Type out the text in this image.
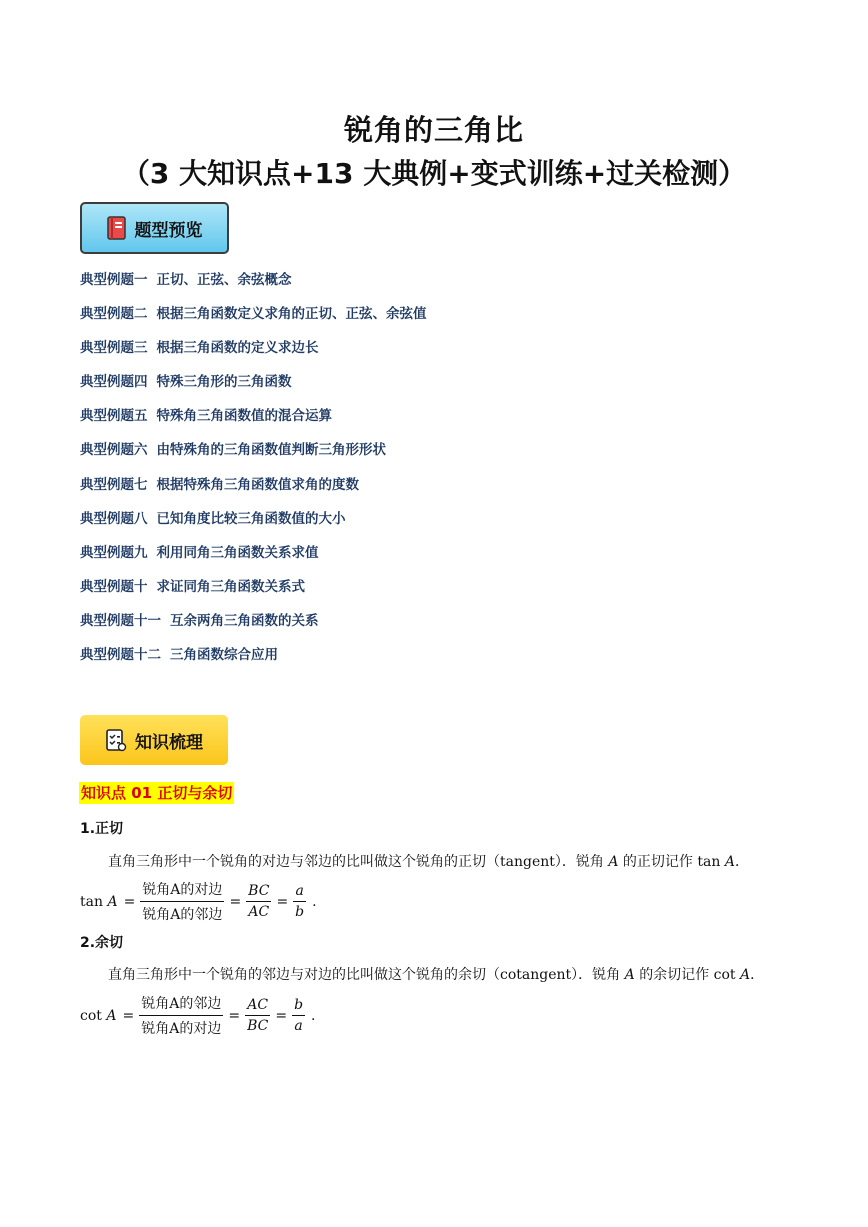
锐角的三角比
（3 大知识点+13 大典例+变式训练+过关检测）
题型预览
典型例题一 正切、正弦、余弦概念
典型例题二 根据三角函数定义求角的正切、正弦、余弦值
典型例题三 根据三角函数的定义求边长
典型例题四 特殊三角形的三角函数
典型例题五 特殊角三角函数值的混合运算
典型例题六 由特殊角的三角函数值判断三角形形状
典型例题七 根据特殊角三角函数值求角的度数
典型例题八 已知角度比较三角函数值的大小
典型例题九 利用同角三角函数关系求值
典型例题十 求证同角三角函数关系式
典型例题十一 互余两角三角函数的关系
典型例题十二 三角函数综合应用
知识梳理
知识点 01 正切与余切
1.正切
直角三角形中一个锐角的对边与邻边的比叫做这个锐角的正切（tangent）．锐角 A 的正切记作 tan A．
$\tan A = \frac{\text{锐角A的对边}}{\text{锐角A的邻边}} = \frac{BC}{AC} = \frac{a}{b}$ .
2.余切
直角三角形中一个锐角的邻边与对边的比叫做这个锐角的余切（cotangent）．锐角 A 的余切记作 cot A．
$\cot A = \frac{\text{锐角A的邻边}}{\text{锐角A的对边}} = \frac{AC}{BC} = \frac{b}{a}$ .
